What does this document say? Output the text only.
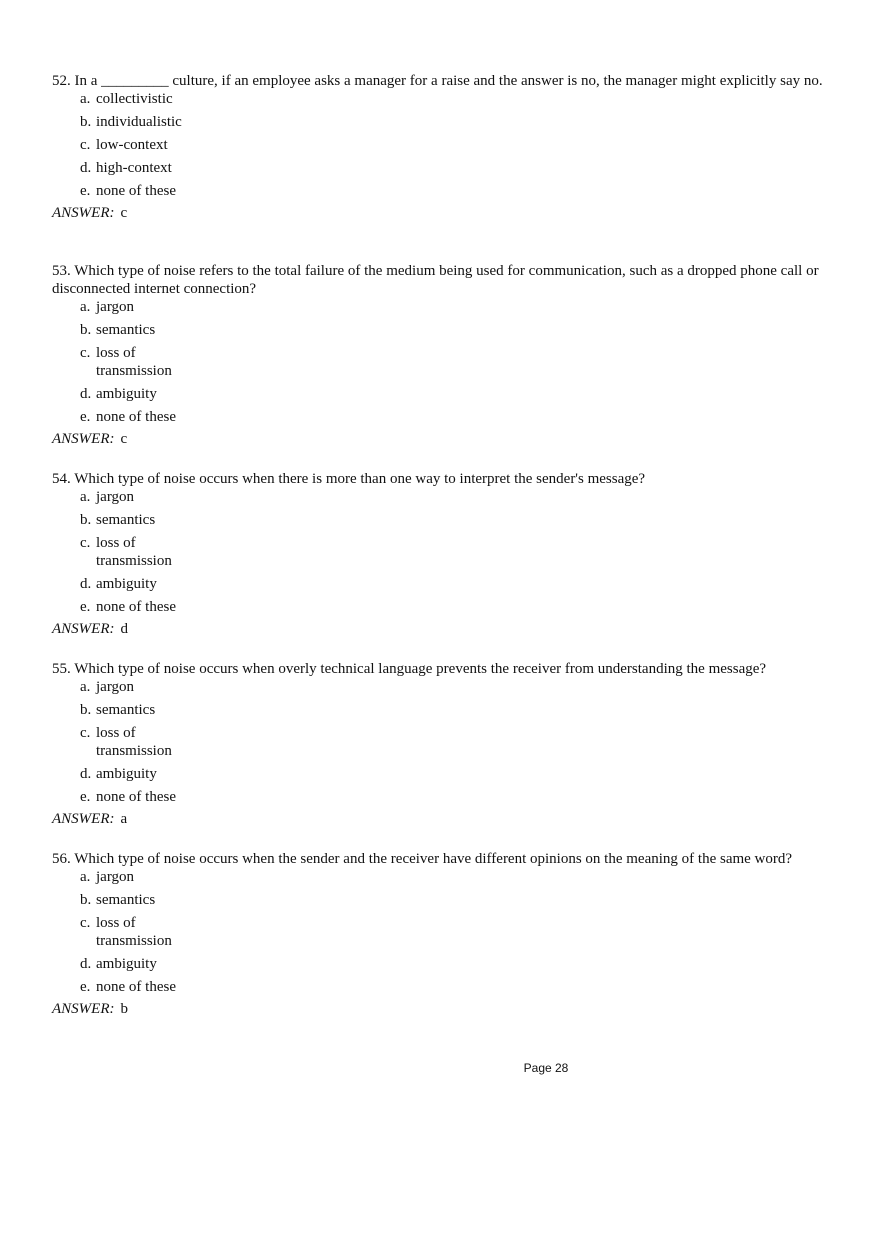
52. In a _________ culture, if an employee asks a manager for a raise and the answer is no, the manager might explicitly say no.

a. collectivistic
b. individualistic
c. low-context
d. high-context
e. none of these
ANSWER: c

53. Which type of noise refers to the total failure of the medium being used for communication, such as a dropped phone call or disconnected internet connection?

a. jargon
b. semantics
c. loss of transmission
d. ambiguity
e. none of these
ANSWER: c

54. Which type of noise occurs when there is more than one way to interpret the sender's message?

a. jargon
b. semantics
c. loss of transmission
d. ambiguity
e. none of these
ANSWER: d

55. Which type of noise occurs when overly technical language prevents the receiver from understanding the message?

a. jargon
b. semantics
c. loss of transmission
d. ambiguity
e. none of these
ANSWER: a

56. Which type of noise occurs when the sender and the receiver have different opinions on the meaning of the same word?

a. jargon
b. semantics
c. loss of transmission
d. ambiguity
e. none of these
ANSWER: b
Page 28
